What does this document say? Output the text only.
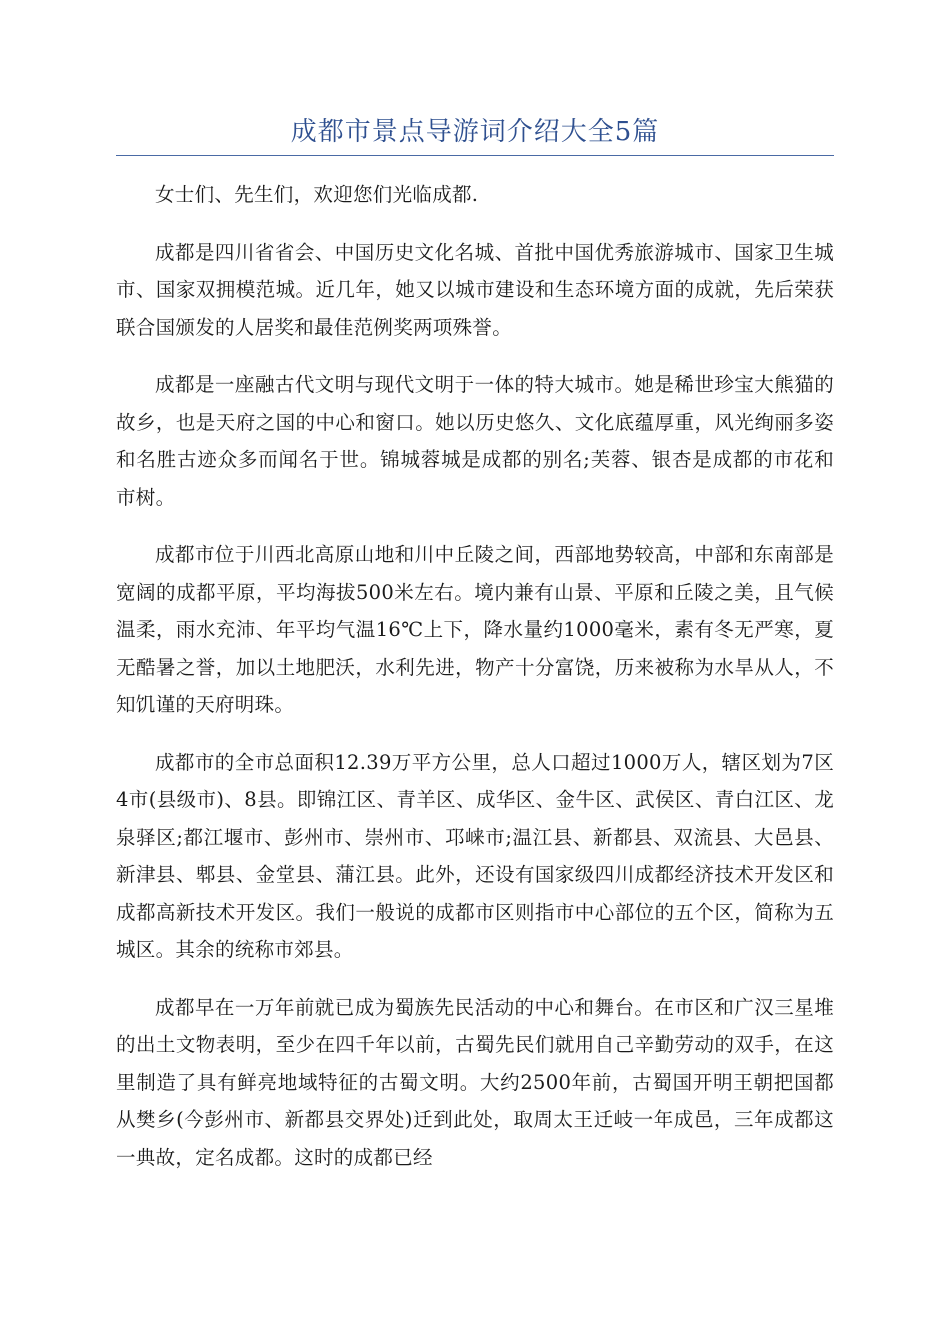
成都市景点导游词介绍大全5篇

女士们、先生们，欢迎您们光临成都.

成都是四川省省会、中国历史文化名城、首批中国优秀旅游城市、国家卫生城市、国家双拥模范城。近几年，她又以城市建设和生态环境方面的成就，先后荣获联合国颁发的人居奖和最佳范例奖两项殊誉。

成都是一座融古代文明与现代文明于一体的特大城市。她是稀世珍宝大熊猫的故乡，也是天府之国的中心和窗口。她以历史悠久、文化底蕴厚重，风光绚丽多姿和名胜古迹众多而闻名于世。锦城蓉城是成都的别名;芙蓉、银杏是成都的市花和市树。

成都市位于川西北高原山地和川中丘陵之间，西部地势较高，中部和东南部是宽阔的成都平原，平均海拔500米左右。境内兼有山景、平原和丘陵之美，且气候温柔，雨水充沛、年平均气温16℃上下，降水量约1000毫米，素有冬无严寒，夏无酷暑之誉，加以土地肥沃，水利先进，物产十分富饶，历来被称为水旱从人，不知饥谨的天府明珠。

成都市的全市总面积12.39万平方公里，总人口超过1000万人，辖区划为7区4市(县级市)、8县。即锦江区、青羊区、成华区、金牛区、武侯区、青白江区、龙泉驿区;都江堰市、彭州市、崇州市、邛崃市;温江县、新都县、双流县、大邑县、新津县、郫县、金堂县、蒲江县。此外，还设有国家级四川成都经济技术开发区和成都高新技术开发区。我们一般说的成都市区则指市中心部位的五个区，简称为五城区。其余的统称市郊县。

成都早在一万年前就已成为蜀族先民活动的中心和舞台。在市区和广汉三星堆的出土文物表明，至少在四千年以前，古蜀先民们就用自己辛勤劳动的双手，在这里制造了具有鲜亮地域特征的古蜀文明。大约2500年前，古蜀国开明王朝把国都从樊乡(今彭州市、新都县交界处)迁到此处，取周太王迁岐一年成邑，三年成都这一典故，定名成都。这时的成都已经
